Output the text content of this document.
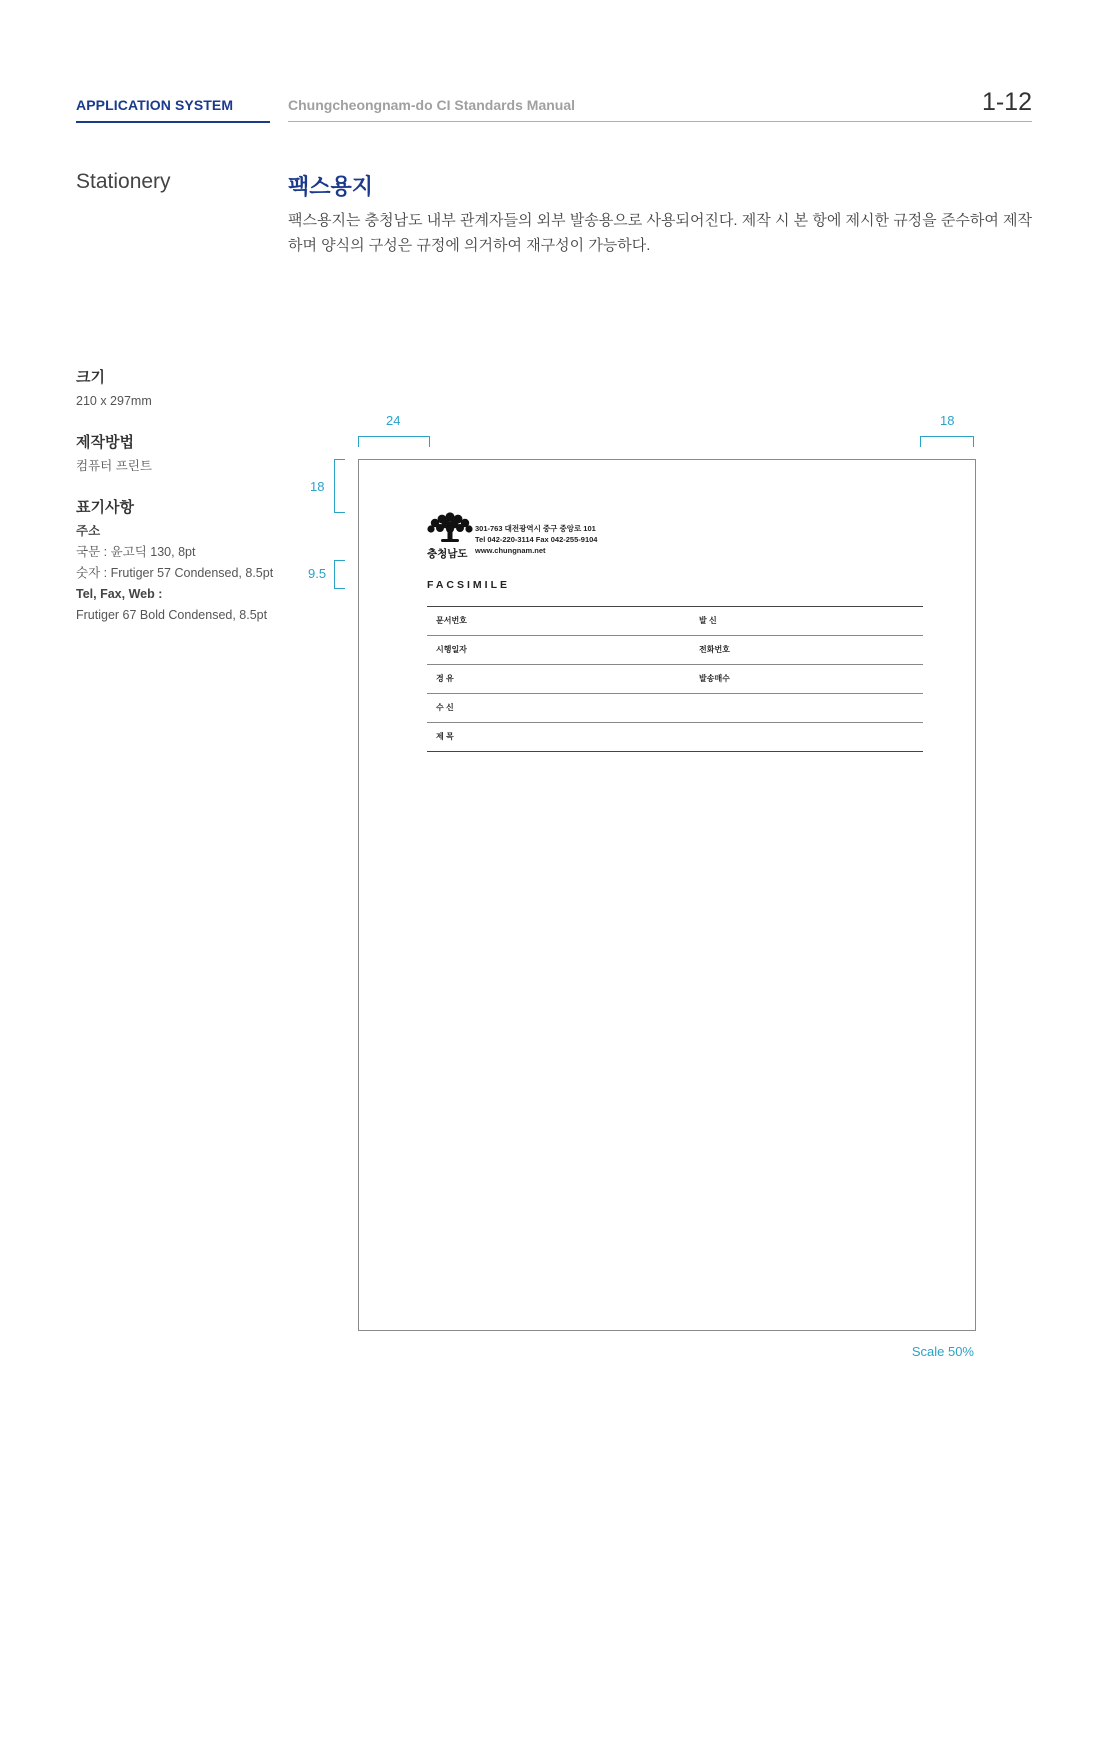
APPLICATION SYSTEM	Chungcheongnam-do CI Standards Manual	1-12
Stationery	팩스용지
팩스용지는 충청남도 내부 관계자들의 외부 발송용으로 사용되어진다. 제작 시 본 항에 제시한 규정을 준수하여 제작하며 양식의 구성은 규정에 의거하여 재구성이 가능하다.
크기
210 x 297mm
제작방법
컴퓨터 프린트
표기사항
주소
국문 : 윤고딕 130, 8pt
숫자 : Frutiger 57 Condensed, 8.5pt
Tel, Fax, Web :
Frutiger 67 Bold Condensed, 8.5pt
24	18
18
9.5
충청남도
301-763 대전광역시 중구 중앙로 101
Tel 042-220-3114 Fax 042-255-9104
www.chungnam.net
FACSIMILE
문서번호	발 신
시행일자	전화번호
경 유	발송매수
수 신
제 목
Scale 50%
